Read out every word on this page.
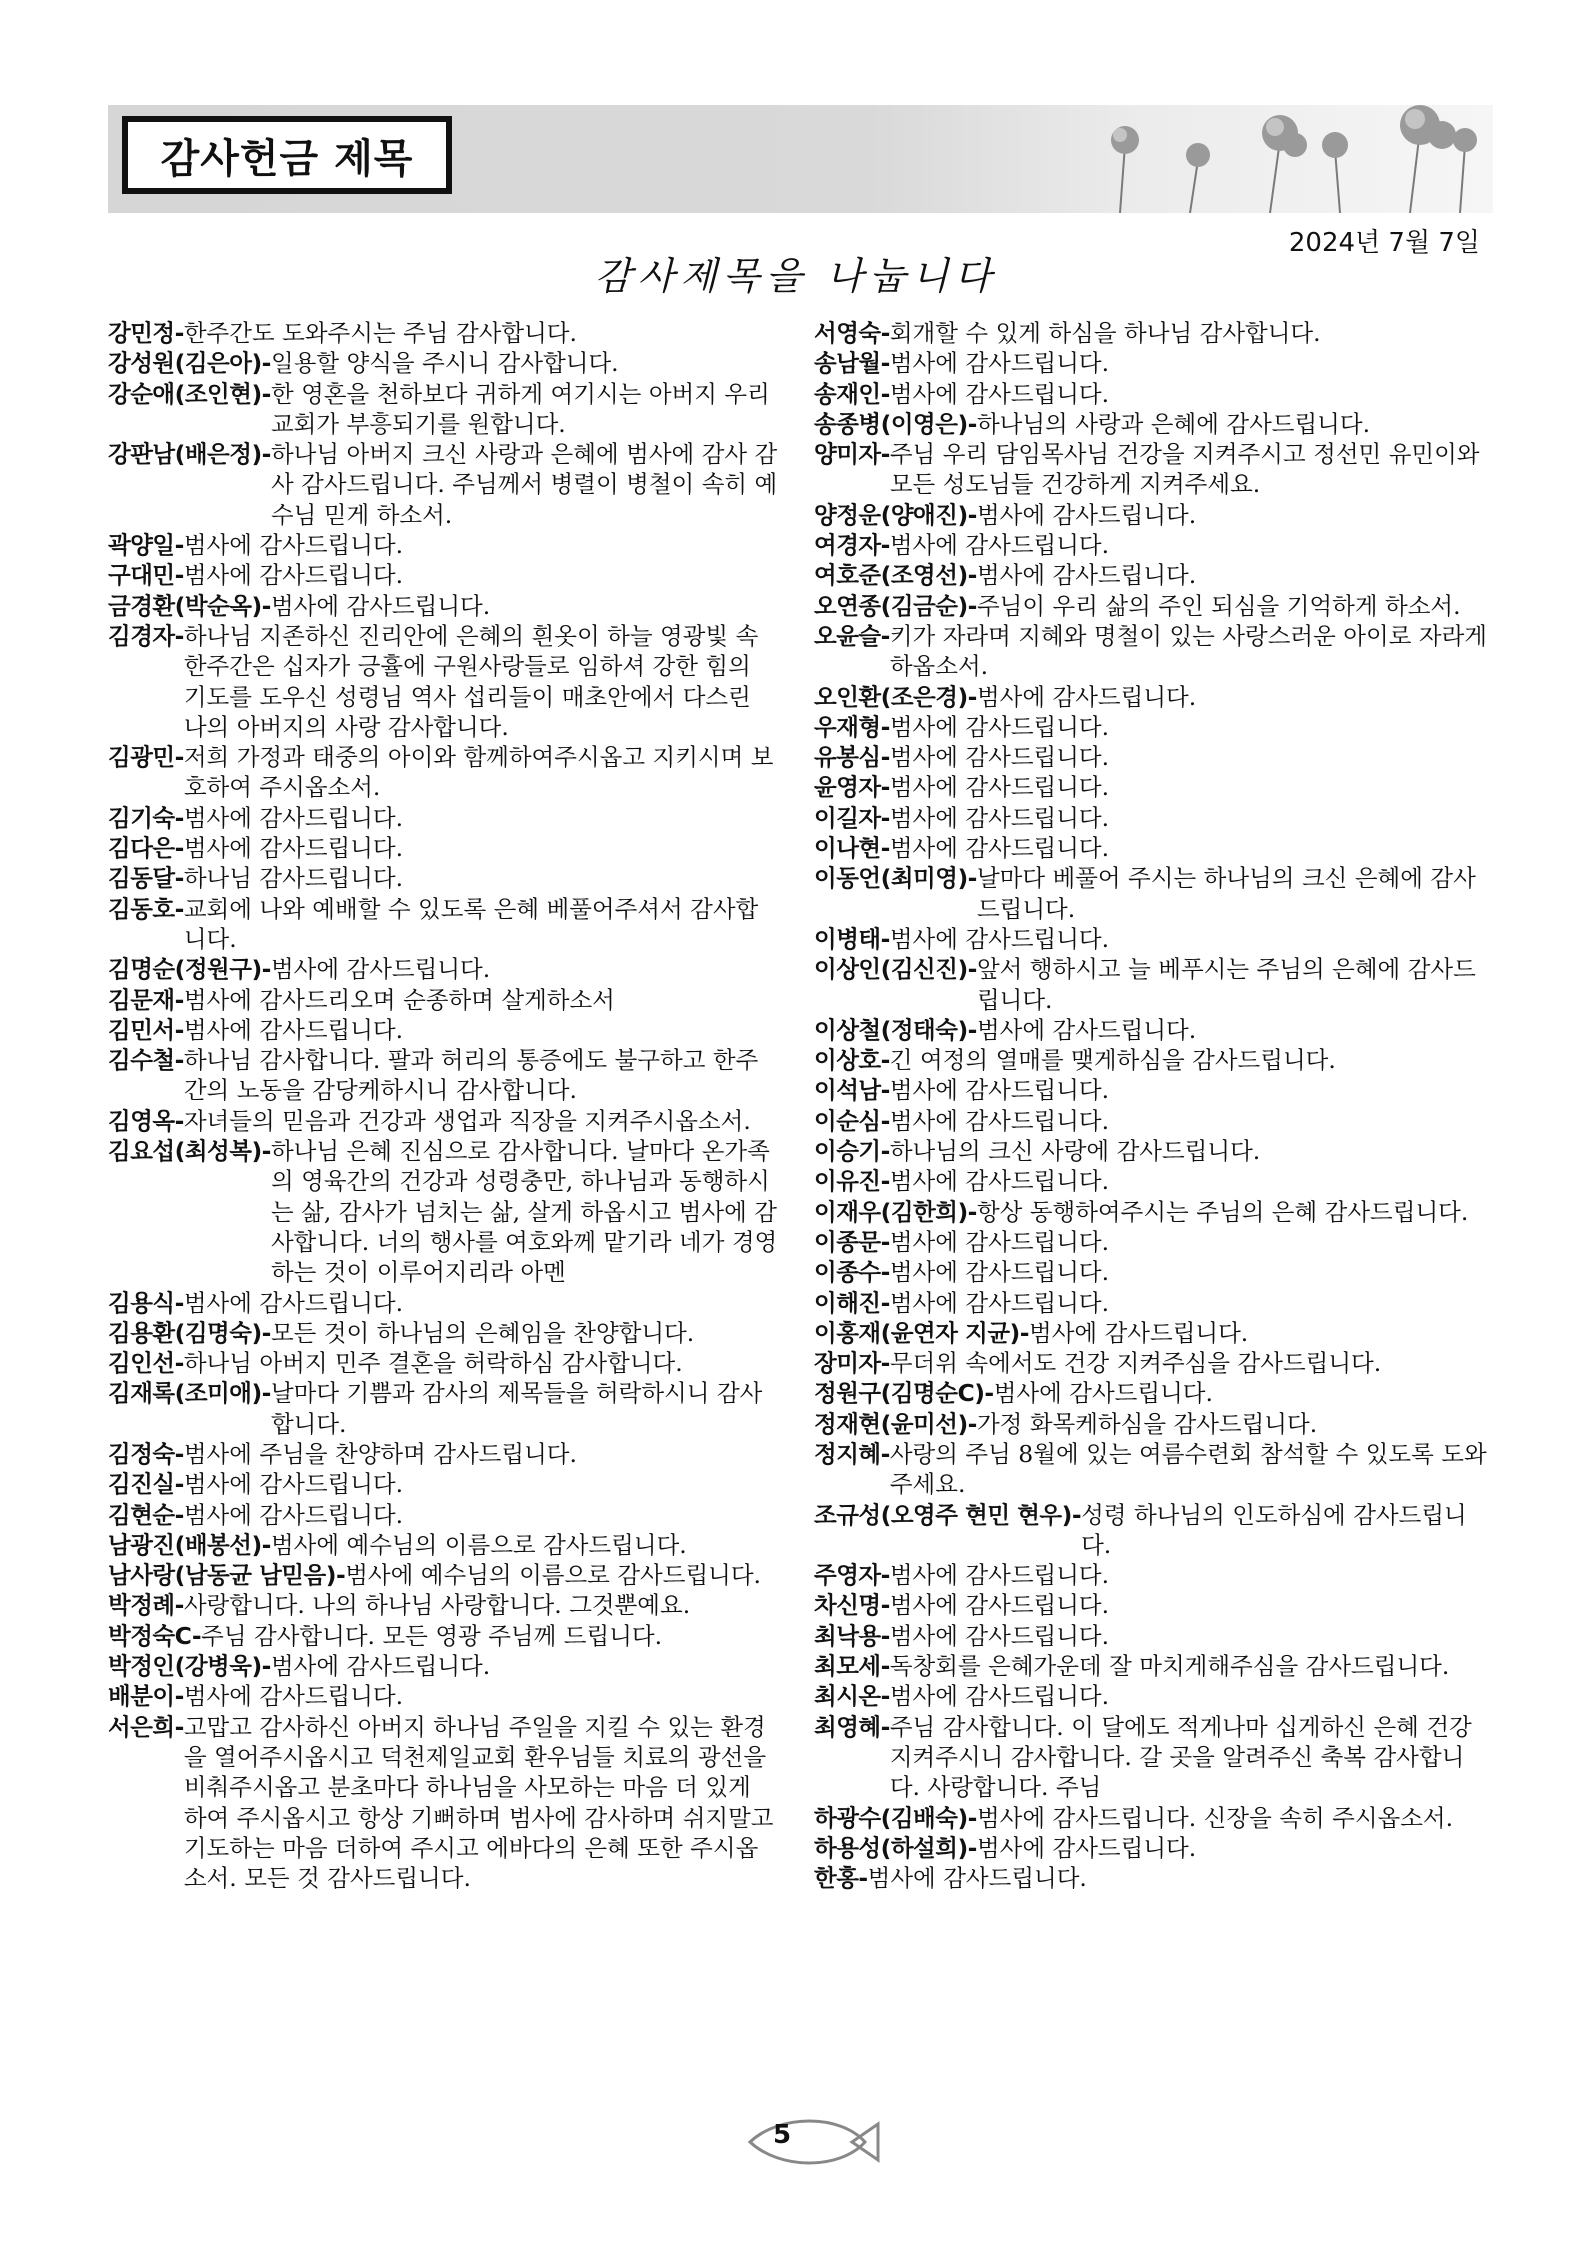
감사헌금 제목
2024년 7월 7일
감사제목을 나눕니다
강민정-한주간도 도와주시는 주님 감사합니다.
강성원(김은아)-일용할 양식을 주시니 감사합니다.
강순애(조인현)-한 영혼을 천하보다 귀하게 여기시는 아버지 우리 교회가 부흥되기를 원합니다.
강판남(배은정)-하나님 아버지 크신 사랑과 은혜에 범사에 감사 감사 감사드립니다. 주님께서 병렬이 병철이 속히 예수님 믿게 하소서.
곽양일-범사에 감사드립니다.
구대민-범사에 감사드립니다.
금경환(박순옥)-범사에 감사드립니다.
김경자-하나님 지존하신 진리안에 은혜의 흰옷이 하늘 영광빛 속 한주간은 십자가 긍휼에 구원사랑들로 임하셔 강한 힘의 기도를 도우신 성령님 역사 섭리들이 매초안에서 다스린 나의 아버지의 사랑 감사합니다.
김광민-저희 가정과 태중의 아이와 함께하여주시옵고 지키시며 보호하여 주시옵소서.
김기숙-범사에 감사드립니다.
김다은-범사에 감사드립니다.
김동달-하나님 감사드립니다.
김동호-교회에 나와 예배할 수 있도록 은혜 베풀어주셔서 감사합니다.
김명순(정원구)-범사에 감사드립니다.
김문재-범사에 감사드리오며 순종하며 살게하소서
김민서-범사에 감사드립니다.
김수철-하나님 감사합니다. 팔과 허리의 통증에도 불구하고 한주간의 노동을 감당케하시니 감사합니다.
김영옥-자녀들의 믿음과 건강과 생업과 직장을 지켜주시옵소서.
김요섭(최성복)-하나님 은혜 진심으로 감사합니다. 날마다 온가족의 영육간의 건강과 성령충만, 하나님과 동행하시는 삶, 감사가 넘치는 삶, 살게 하옵시고 범사에 감사합니다. 너의 행사를 여호와께 맡기라 네가 경영하는 것이 이루어지리라 아멘
김용식-범사에 감사드립니다.
김용환(김명숙)-모든 것이 하나님의 은혜임을 찬양합니다.
김인선-하나님 아버지 민주 결혼을 허락하심 감사합니다.
김재록(조미애)-날마다 기쁨과 감사의 제목들을 허락하시니 감사합니다.
김정숙-범사에 주님을 찬양하며 감사드립니다.
김진실-범사에 감사드립니다.
김현순-범사에 감사드립니다.
남광진(배봉선)-범사에 예수님의 이름으로 감사드립니다.
남사랑(남동균 남믿음)-범사에 예수님의 이름으로 감사드립니다.
박정례-사랑합니다. 나의 하나님 사랑합니다. 그것뿐예요.
박정숙C-주님 감사합니다. 모든 영광 주님께 드립니다.
박정인(강병욱)-범사에 감사드립니다.
배분이-범사에 감사드립니다.
서은희-고맙고 감사하신 아버지 하나님 주일을 지킬 수 있는 환경을 열어주시옵시고 덕천제일교회 환우님들 치료의 광선을 비춰주시옵고 분초마다 하나님을 사모하는 마음 더 있게 하여 주시옵시고 항상 기뻐하며 범사에 감사하며 쉬지말고 기도하는 마음 더하여 주시고 에바다의 은혜 또한 주시옵소서. 모든 것 감사드립니다.
서영숙-회개할 수 있게 하심을 하나님 감사합니다.
송남월-범사에 감사드립니다.
송재인-범사에 감사드립니다.
송종병(이영은)-하나님의 사랑과 은혜에 감사드립니다.
양미자-주님 우리 담임목사님 건강을 지켜주시고 정선민 유민이와 모든 성도님들 건강하게 지켜주세요.
양정운(양애진)-범사에 감사드립니다.
여경자-범사에 감사드립니다.
여호준(조영선)-범사에 감사드립니다.
오연종(김금순)-주님이 우리 삶의 주인 되심을 기억하게 하소서.
오윤슬-키가 자라며 지혜와 명철이 있는 사랑스러운 아이로 자라게 하옵소서.
오인환(조은경)-범사에 감사드립니다.
우재형-범사에 감사드립니다.
유봉심-범사에 감사드립니다.
윤영자-범사에 감사드립니다.
이길자-범사에 감사드립니다.
이나현-범사에 감사드립니다.
이동언(최미영)-날마다 베풀어 주시는 하나님의 크신 은혜에 감사드립니다.
이병태-범사에 감사드립니다.
이상인(김신진)-앞서 행하시고 늘 베푸시는 주님의 은혜에 감사드립니다.
이상철(정태숙)-범사에 감사드립니다.
이상호-긴 여정의 열매를 맺게하심을 감사드립니다.
이석남-범사에 감사드립니다.
이순심-범사에 감사드립니다.
이승기-하나님의 크신 사랑에 감사드립니다.
이유진-범사에 감사드립니다.
이재우(김한희)-항상 동행하여주시는 주님의 은혜 감사드립니다.
이종문-범사에 감사드립니다.
이종수-범사에 감사드립니다.
이해진-범사에 감사드립니다.
이홍재(윤연자 지균)-범사에 감사드립니다.
장미자-무더위 속에서도 건강 지켜주심을 감사드립니다.
정원구(김명순C)-범사에 감사드립니다.
정재현(윤미선)-가정 화목케하심을 감사드립니다.
정지혜-사랑의 주님 8월에 있는 여름수련회 참석할 수 있도록 도와주세요.
조규성(오영주 현민 현우)-성령 하나님의 인도하심에 감사드립니다.
주영자-범사에 감사드립니다.
차신명-범사에 감사드립니다.
최낙용-범사에 감사드립니다.
최모세-독창회를 은혜가운데 잘 마치게해주심을 감사드립니다.
최시온-범사에 감사드립니다.
최영혜-주님 감사합니다. 이 달에도 적게나마 십게하신 은혜 건강 지켜주시니 감사합니다. 갈 곳을 알려주신 축복 감사합니다. 사랑합니다. 주님
하광수(김배숙)-범사에 감사드립니다. 신장을 속히 주시옵소서.
하용성(하설희)-범사에 감사드립니다.
한홍-범사에 감사드립니다.
5
